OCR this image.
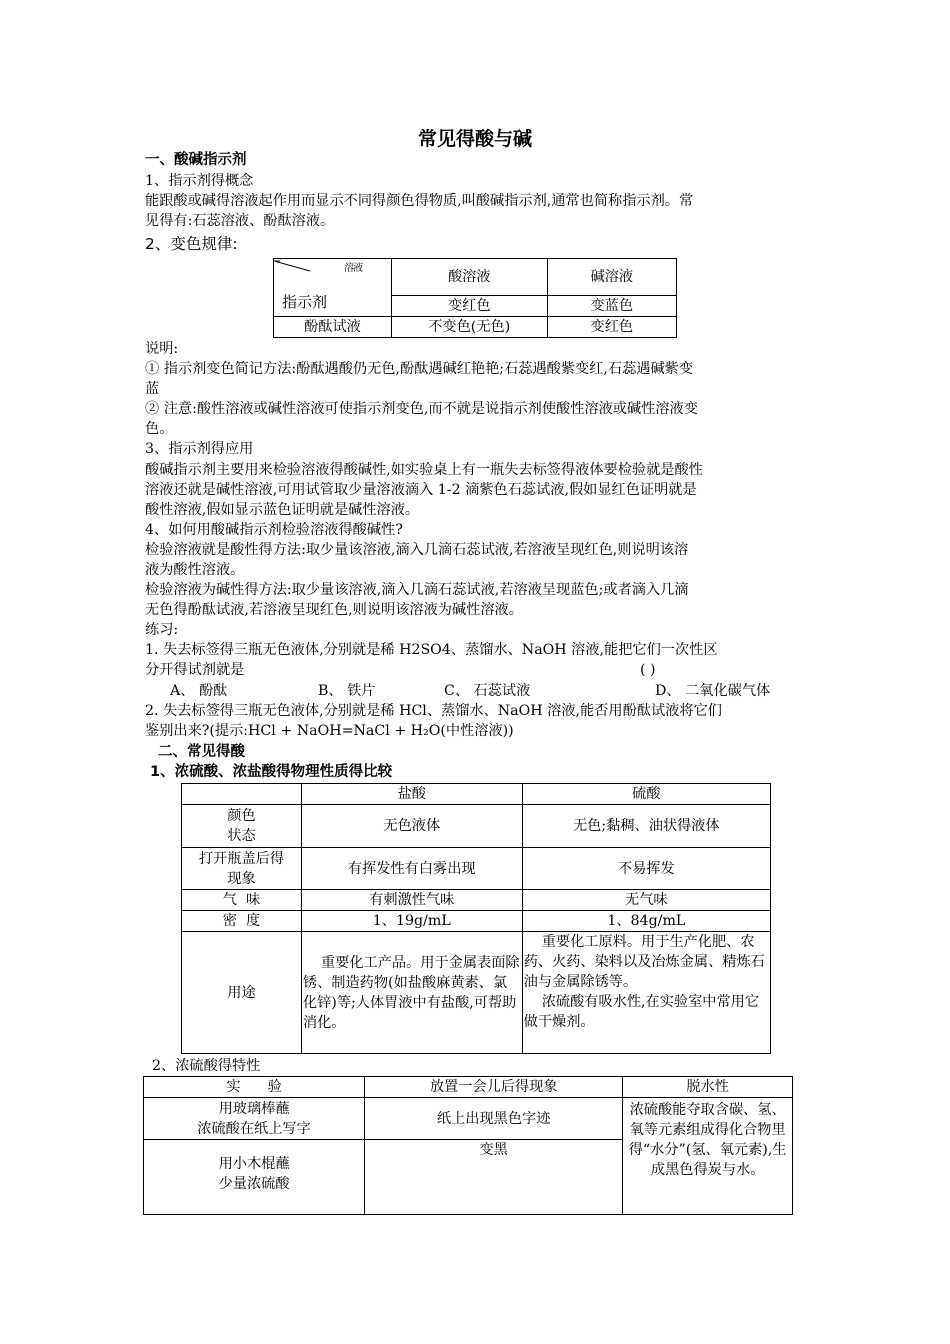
常见得酸与碱
一、酸碱指示剂
1、指示剂得概念
能跟酸或碱得溶液起作用而显示不同得颜色得物质,叫酸碱指示剂,通常也简称指示剂。常
见得有:石蕊溶液、酚酞溶液。
2、变色规律:
溶液
指示剂	酸溶液	碱溶液
	变红色	变蓝色
酚酞试液	不变色(无色)	变红色
说明:
① 指示剂变色简记方法:酚酞遇酸仍无色,酚酞遇碱红艳艳;石蕊遇酸紫变红,石蕊遇碱紫变
蓝
② 注意:酸性溶液或碱性溶液可使指示剂变色,而不就是说指示剂使酸性溶液或碱性溶液变
色。
3、指示剂得应用
酸碱指示剂主要用来检验溶液得酸碱性,如实验桌上有一瓶失去标签得液体要检验就是酸性
溶液还就是碱性溶液,可用试管取少量溶液滴入 1-2 滴紫色石蕊试液,假如显红色证明就是
酸性溶液,假如显示蓝色证明就是碱性溶液。
4、如何用酸碱指示剂检验溶液得酸碱性?
检验溶液就是酸性得方法:取少量该溶液,滴入几滴石蕊试液,若溶液呈现红色,则说明该溶
液为酸性溶液。
检验溶液为碱性得方法:取少量该溶液,滴入几滴石蕊试液,若溶液呈现蓝色;或者滴入几滴
无色得酚酞试液,若溶液呈现红色,则说明该溶液为碱性溶液。
练习:
1. 失去标签得三瓶无色液体,分别就是稀 H2SO4、蒸馏水、NaOH 溶液,能把它们一次性区
分开得试剂就是	( )
A、 酚酞	B、 铁片	C、 石蕊试液	D、 二氧化碳气体
2. 失去标签得三瓶无色液体,分别就是稀 HCl、蒸馏水、NaOH 溶液,能否用酚酞试液将它们
鉴别出来?(提示:HCl + NaOH=NaCl + H₂O(中性溶液))
二、常见得酸
1、浓硫酸、浓盐酸得物理性质得比较
	盐酸	硫酸
颜色
状态	无色液体	无色;黏稠、油状得液体
打开瓶盖后得
现象	有挥发性有白雾出现	不易挥发
气  味	有刺激性气味	无气味
密  度	1、19g/mL	1、84g/mL
用途	重要化工产品。用于金属表面除锈、制造药物(如盐酸麻黄素、氯化锌)等;人体胃液中有盐酸,可帮助消化。	重要化工原料。用于生产化肥、农药、火药、染料以及冶炼金属、精炼石油与金属除锈等。
浓硫酸有吸水性,在实验室中常用它做干燥剂。
2、浓硫酸得特性
实      验	放置一会儿后得现象	脱水性
用玻璃棒蘸
浓硫酸在纸上写字	纸上出现黑色字迹	浓硫酸能夺取含碳、氢、氧等元素组成得化合物里得“水分”(氢、氧元素),生成黑色得炭与水。
用小木棍蘸
少量浓硫酸	变黑	
